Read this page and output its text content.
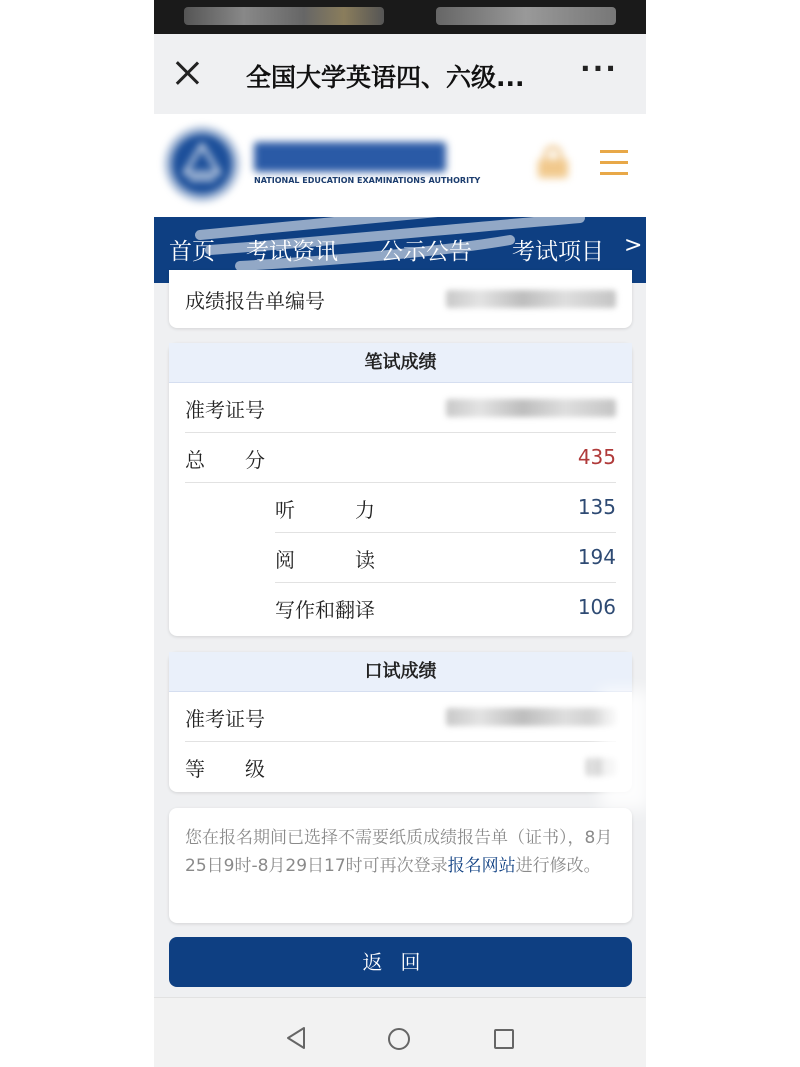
全国大学英语四、六级...	···
NATIONAL EDUCATION EXAMINATIONS AUTHORITY
首页 考试资讯 公示公告 考试项目 >
成绩报告单编号
笔试成绩
准考证号
总　　分	435
听　　　力	135
阅　　　读	194
写作和翻译	106
口试成绩
准考证号
等　　级
您在报名期间已选择不需要纸质成绩报告单（证书），8月25日9时-8月29日17时可再次登录报名网站进行修改。
返回
